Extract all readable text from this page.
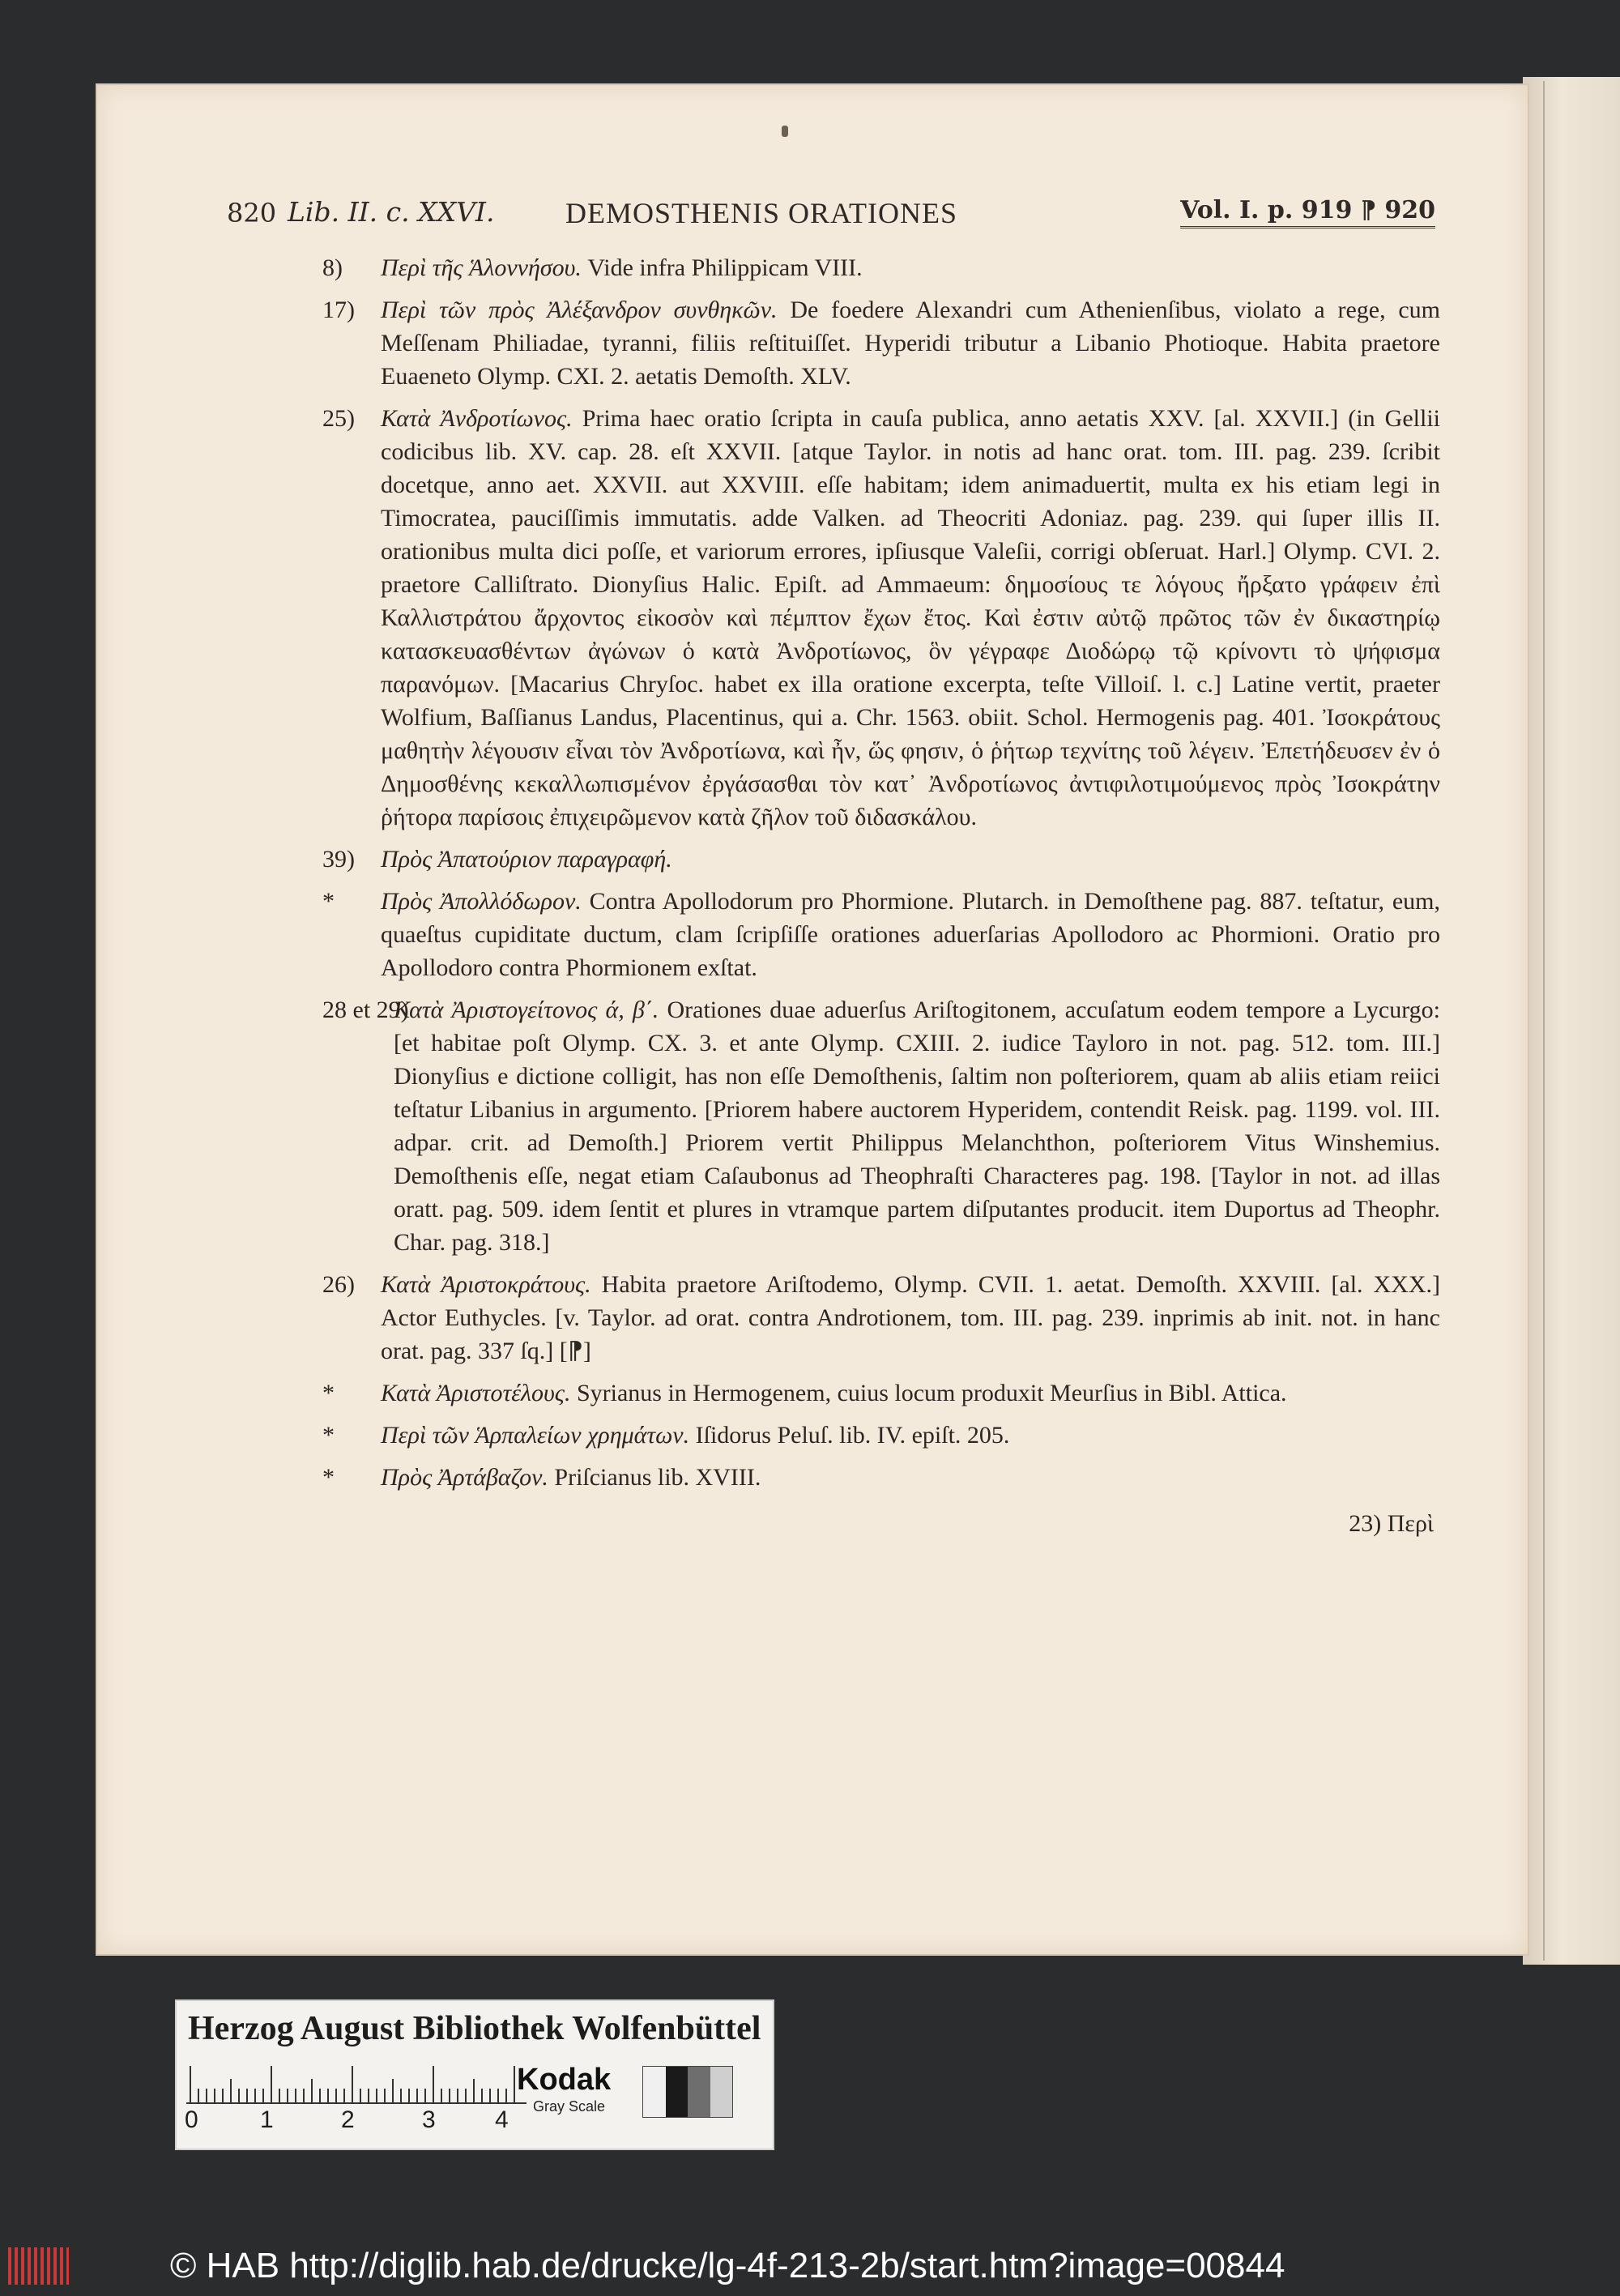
820 Lib. II. c. XXVI. DEMOSTHENIS ORATIONES	Vol. I. p. 919 ⁋ 920
8) Περὶ τῆς Ἁλοννήσου. Vide infra Philippicam VIII.
17) Περὶ τῶν πρὸς Ἀλέξανδρον συνθηκῶν. De foedere Alexandri cum Athenienſibus, violato a rege, cum Meſſenam Philiadae, tyranni, filiis reſtituiſſet. Hyperidi tributur a Libanio Photioque. Habita praetore Euaeneto Olymp. CXI. 2. aetatis Demoſth. XLV.
25) Κατὰ Ἀνδροτίωνος. Prima haec oratio ſcripta in cauſa publica, anno aetatis XXV. [al. XXVII.] (in Gellii codicibus lib. XV. cap. 28. eſt XXVII. [atque Taylor. in notis ad hanc orat. tom. III. pag. 239. ſcribit docetque, anno aet. XXVII. aut XXVIII. eſſe habitam; idem animaduertit, multa ex his etiam legi in Timocratea, pauciſſimis immutatis. adde Valken. ad Theocriti Adoniaz. pag. 239. qui ſuper illis II. orationibus multa dici poſſe, et variorum errores, ipſiusque Valeſii, corrigi obſeruat. Harl.] Olymp. CVI. 2. praetore Calliſtrato. Dionyſius Halic. Epiſt. ad Ammaeum: δημοσίους τε λόγους ἤρξατο γράφειν ἐπὶ Καλλιστράτου ἄρχοντος εἰκοσὸν καὶ πέμπτον ἔχων ἔτος. Καὶ ἐστιν αὐτῷ πρῶτος τῶν ἐν δικαστηρίῳ κατασκευασθέντων ἀγώνων ὁ κατὰ Ἀνδροτίωνος, ὃν γέγραφε Διοδώρῳ τῷ κρίνοντι τὸ ψήφισμα παρανόμων. [Macarius Chryſoc. habet ex illa oratione excerpta, teſte Villoiſ. l. c.] Latine vertit, praeter Wolfium, Baſſianus Landus, Placentinus, qui a. Chr. 1563. obiit. Schol. Hermogenis pag. 401. Ἰσοκράτους μαθητὴν λέγουσιν εἶναι τὸν Ἀνδροτίωνα, καὶ ἦν, ὥς φησιν, ὁ ῥήτωρ τεχνίτης τοῦ λέγειν. Ἐπετήδευσεν ἐν ὁ Δημοσθένης κεκαλλωπισμένον ἐργάσασθαι τὸν κατ᾽ Ἀνδροτίωνος ἀντιφιλοτιμούμενος πρὸς Ἰσοκράτην ῥήτορα παρίσοις ἐπιχειρῶμενον κατὰ ζῆλον τοῦ διδασκάλου.
39) Πρὸς Ἀπατούριον παραγραφή.
* Πρὸς Ἀπολλόδωρον. Contra Apollodorum pro Phormione. Plutarch. in Demoſthene pag. 887. teſtatur, eum, quaeſtus cupiditate ductum, clam ſcripſiſſe orationes aduerſarias Apollodoro ac Phormioni. Oratio pro Apollodoro contra Phormionem exſtat.
28 et 29)
Κατὰ Ἀριστογείτονος ά, β΄. Orationes duae aduerſus Ariſtogitonem, accuſatum eodem tempore a Lycurgo: [et habitae poſt Olymp. CX. 3. et ante Olymp. CXIII. 2. iudice Tayloro in not. pag. 512. tom. III.] Dionyſius e dictione colligit, has non eſſe Demoſthenis, ſaltim non poſteriorem, quam ab aliis etiam reiici teſtatur Libanius in argumento. [Priorem habere auctorem Hyperidem, contendit Reisk. pag. 1199. vol. III. adpar. crit. ad Demoſth.] Priorem vertit Philippus Melanchthon, poſteriorem Vitus Winshemius. Demoſthenis eſſe, negat etiam Caſaubonus ad Theophraſti Characteres pag. 198. [Taylor in not. ad illas oratt. pag. 509. idem ſentit et plures in vtramque partem diſputantes producit. item Duportus ad Theophr. Char. pag. 318.]
26) Κατὰ Ἀριστοκράτους. Habita praetore Ariſtodemo, Olymp. CVII. 1. aetat. Demoſth. XXVIII. [al. XXX.] Actor Euthycles. [v. Taylor. ad orat. contra Androtionem, tom. III. pag. 239. inprimis ab init. not. in hanc orat. pag. 337 ſq.] [⁋]
* Κατὰ Ἀριστοτέλους. Syrianus in Hermogenem, cuius locum produxit Meurſius in Bibl. Attica.
* Περὶ τῶν Ἁρπαλείων χρημάτων. Iſidorus Peluſ. lib. IV. epiſt. 205.
* Πρὸς Ἀρτάβαζον. Priſcianus lib. XVIII.
23) Περὶ
Herzog August Bibliothek Wolfenbüttel
0	1	2	3 4
Kodak
Gray Scale
© HAB http://diglib.hab.de/drucke/lg-4f-213-2b/start.htm?image=00844
